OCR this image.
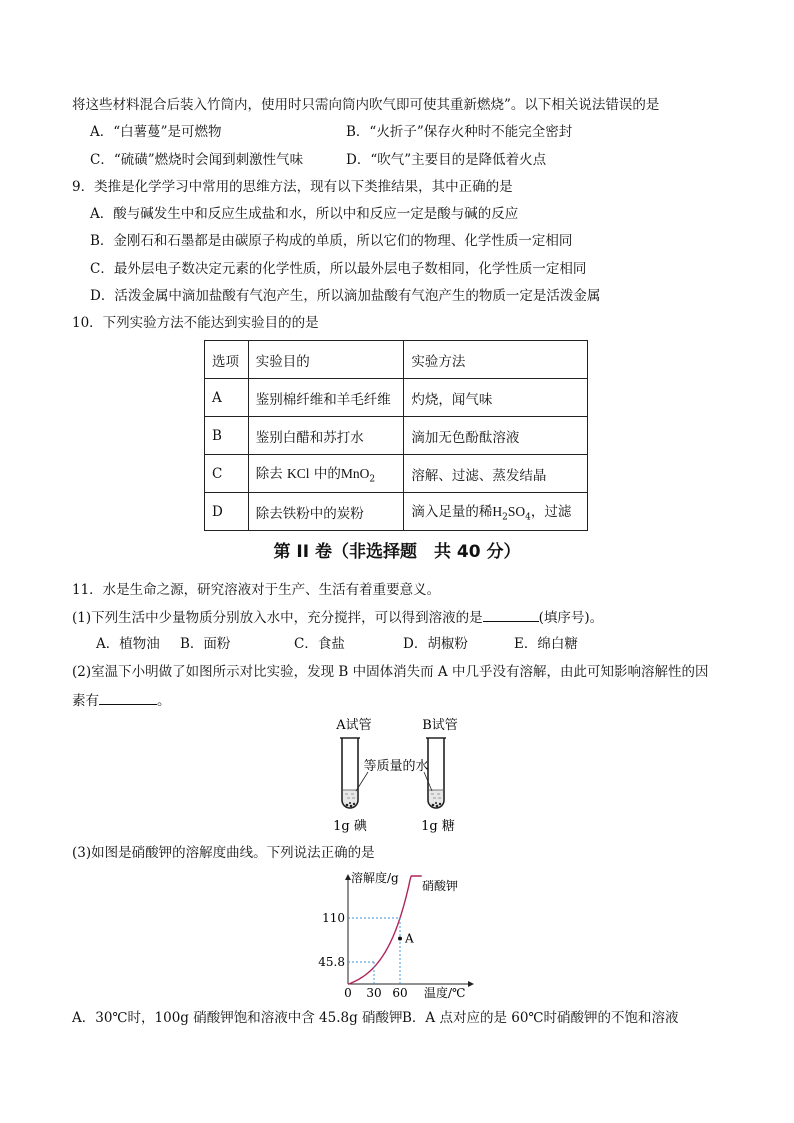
将这些材料混合后装入竹筒内，使用时只需向筒内吹气即可使其重新燃烧”。以下相关说法错误的是
A．“白薯蔓”是可燃物	B．“火折子”保存火种时不能完全密封
C．“硫磺”燃烧时会闻到刺激性气味	D．“吹气”主要目的是降低着火点
9．类推是化学学习中常用的思维方法，现有以下类推结果，其中正确的是
A．酸与碱发生中和反应生成盐和水，所以中和反应一定是酸与碱的反应
B．金刚石和石墨都是由碳原子构成的单质，所以它们的物理、化学性质一定相同
C．最外层电子数决定元素的化学性质，所以最外层电子数相同，化学性质一定相同
D．活泼金属中滴加盐酸有气泡产生，所以滴加盐酸有气泡产生的物质一定是活泼金属
10．下列实验方法不能达到实验目的的是
选项	实验目的	实验方法
A	鉴别棉纤维和羊毛纤维	灼烧，闻气味
B	鉴别白醋和苏打水	滴加无色酚酞溶液
C	除去 KCl 中的MnO$_2$	溶解、过滤、蒸发结晶
D	除去铁粉中的炭粉	滴入足量的稀$H_2SO_4$，过滤
第 II 卷（非选择题　共 40 分）
11．水是生命之源，研究溶液对于生产、生活有着重要意义。
(1)下列生活中少量物质分别放入水中，充分搅拌，可以得到溶液的是	(填序号)。
A．植物油 B．面粉	C．食盐	D．胡椒粉	E．绵白糖
(2)室温下小明做了如图所示对比实验，发现 B 中固体消失而 A 中几乎没有溶解，由此可知影响溶解性的因
素有	。
A试管	B试管
等质量的水
1g 碘	1g 糖
(3)如图是硝酸钾的溶解度曲线。下列说法正确的是
溶解度/g
温度/℃
硝酸钾
110
45.8
0 30 60
A
A．30℃时，100g 硝酸钾饱和溶液中含 45.8g 硝酸钾 B．A 点对应的是 60℃时硝酸钾的不饱和溶液
